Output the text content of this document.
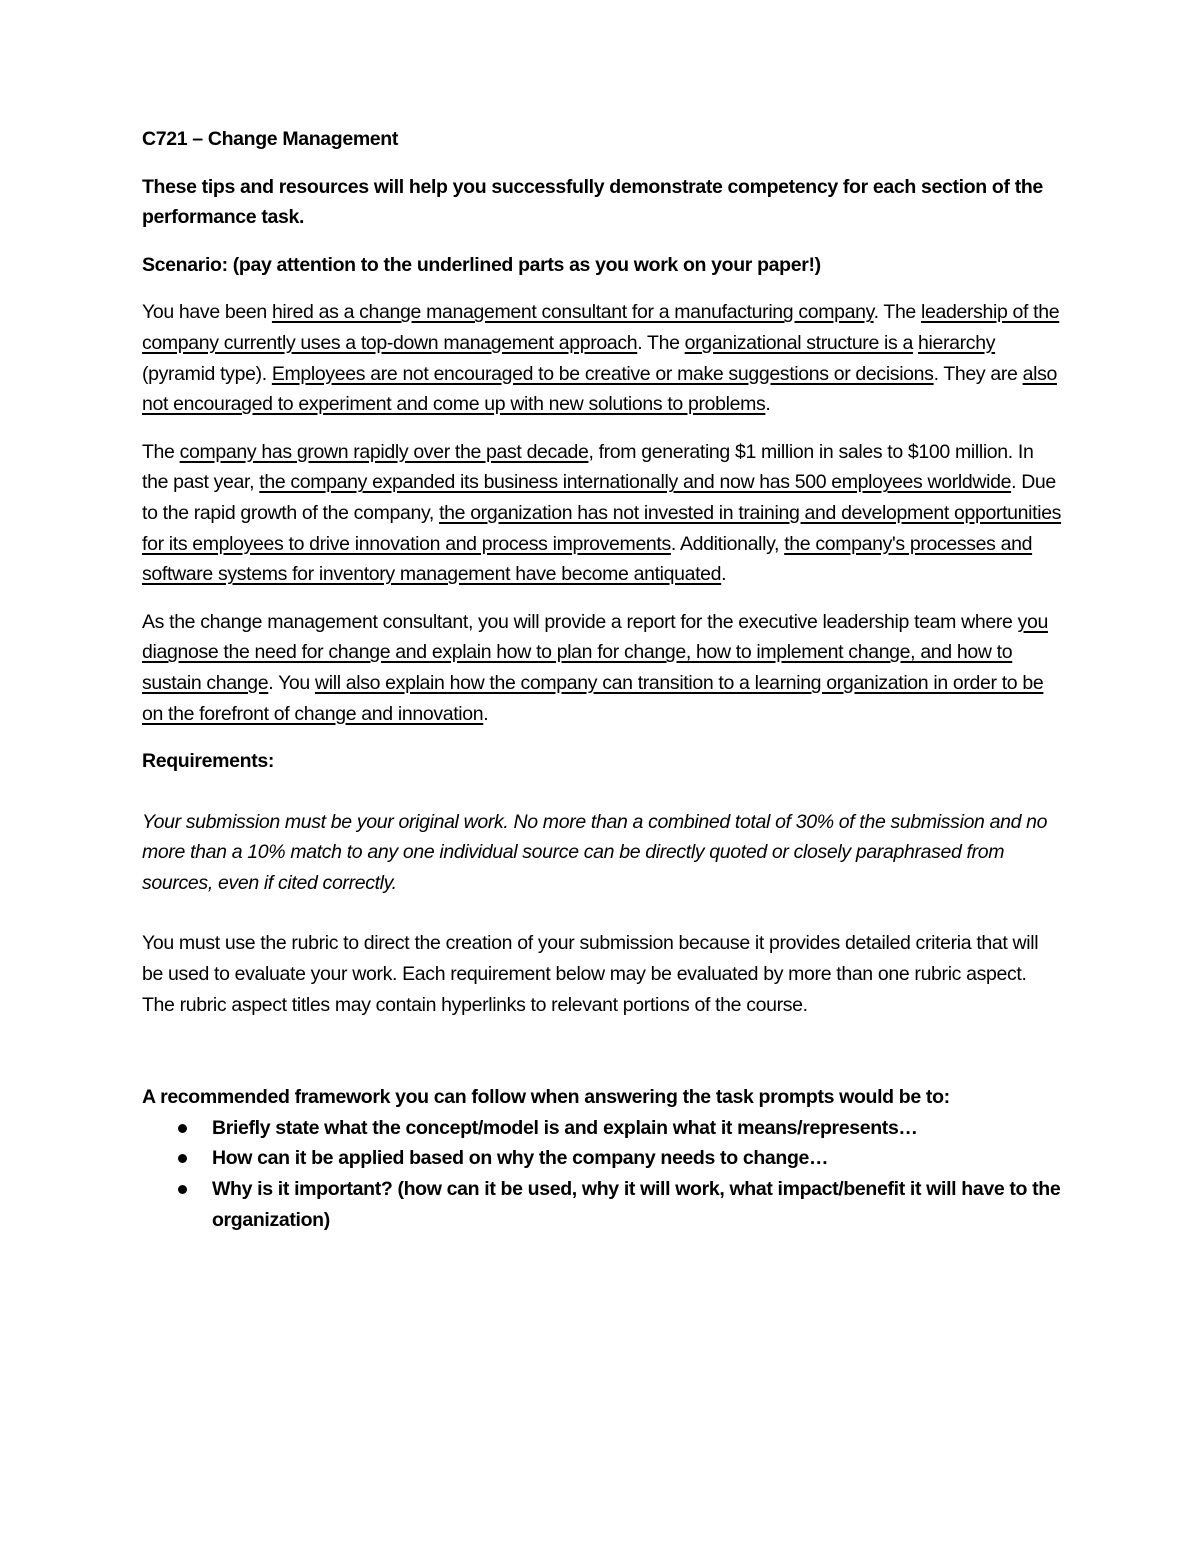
C721 – Change Management

These tips and resources will help you successfully demonstrate competency for each section of the performance task.

Scenario: (pay attention to the underlined parts as you work on your paper!)

You have been hired as a change management consultant for a manufacturing company. The leadership of the company currently uses a top-down management approach. The organizational structure is a hierarchy (pyramid type). Employees are not encouraged to be creative or make suggestions or decisions. They are also not encouraged to experiment and come up with new solutions to problems.

The company has grown rapidly over the past decade, from generating $1 million in sales to $100 million. In the past year, the company expanded its business internationally and now has 500 employees worldwide. Due to the rapid growth of the company, the organization has not invested in training and development opportunities for its employees to drive innovation and process improvements. Additionally, the company's processes and software systems for inventory management have become antiquated.

As the change management consultant, you will provide a report for the executive leadership team where you diagnose the need for change and explain how to plan for change, how to implement change, and how to sustain change. You will also explain how the company can transition to a learning organization in order to be on the forefront of change and innovation.

Requirements:

Your submission must be your original work. No more than a combined total of 30% of the submission and no more than a 10% match to any one individual source can be directly quoted or closely paraphrased from sources, even if cited correctly.

You must use the rubric to direct the creation of your submission because it provides detailed criteria that will be used to evaluate your work. Each requirement below may be evaluated by more than one rubric aspect. The rubric aspect titles may contain hyperlinks to relevant portions of the course.

A recommended framework you can follow when answering the task prompts would be to:

Briefly state what the concept/model is and explain what it means/represents…
How can it be applied based on why the company needs to change…
Why is it important? (how can it be used, why it will work, what impact/benefit it will have to the organization)
